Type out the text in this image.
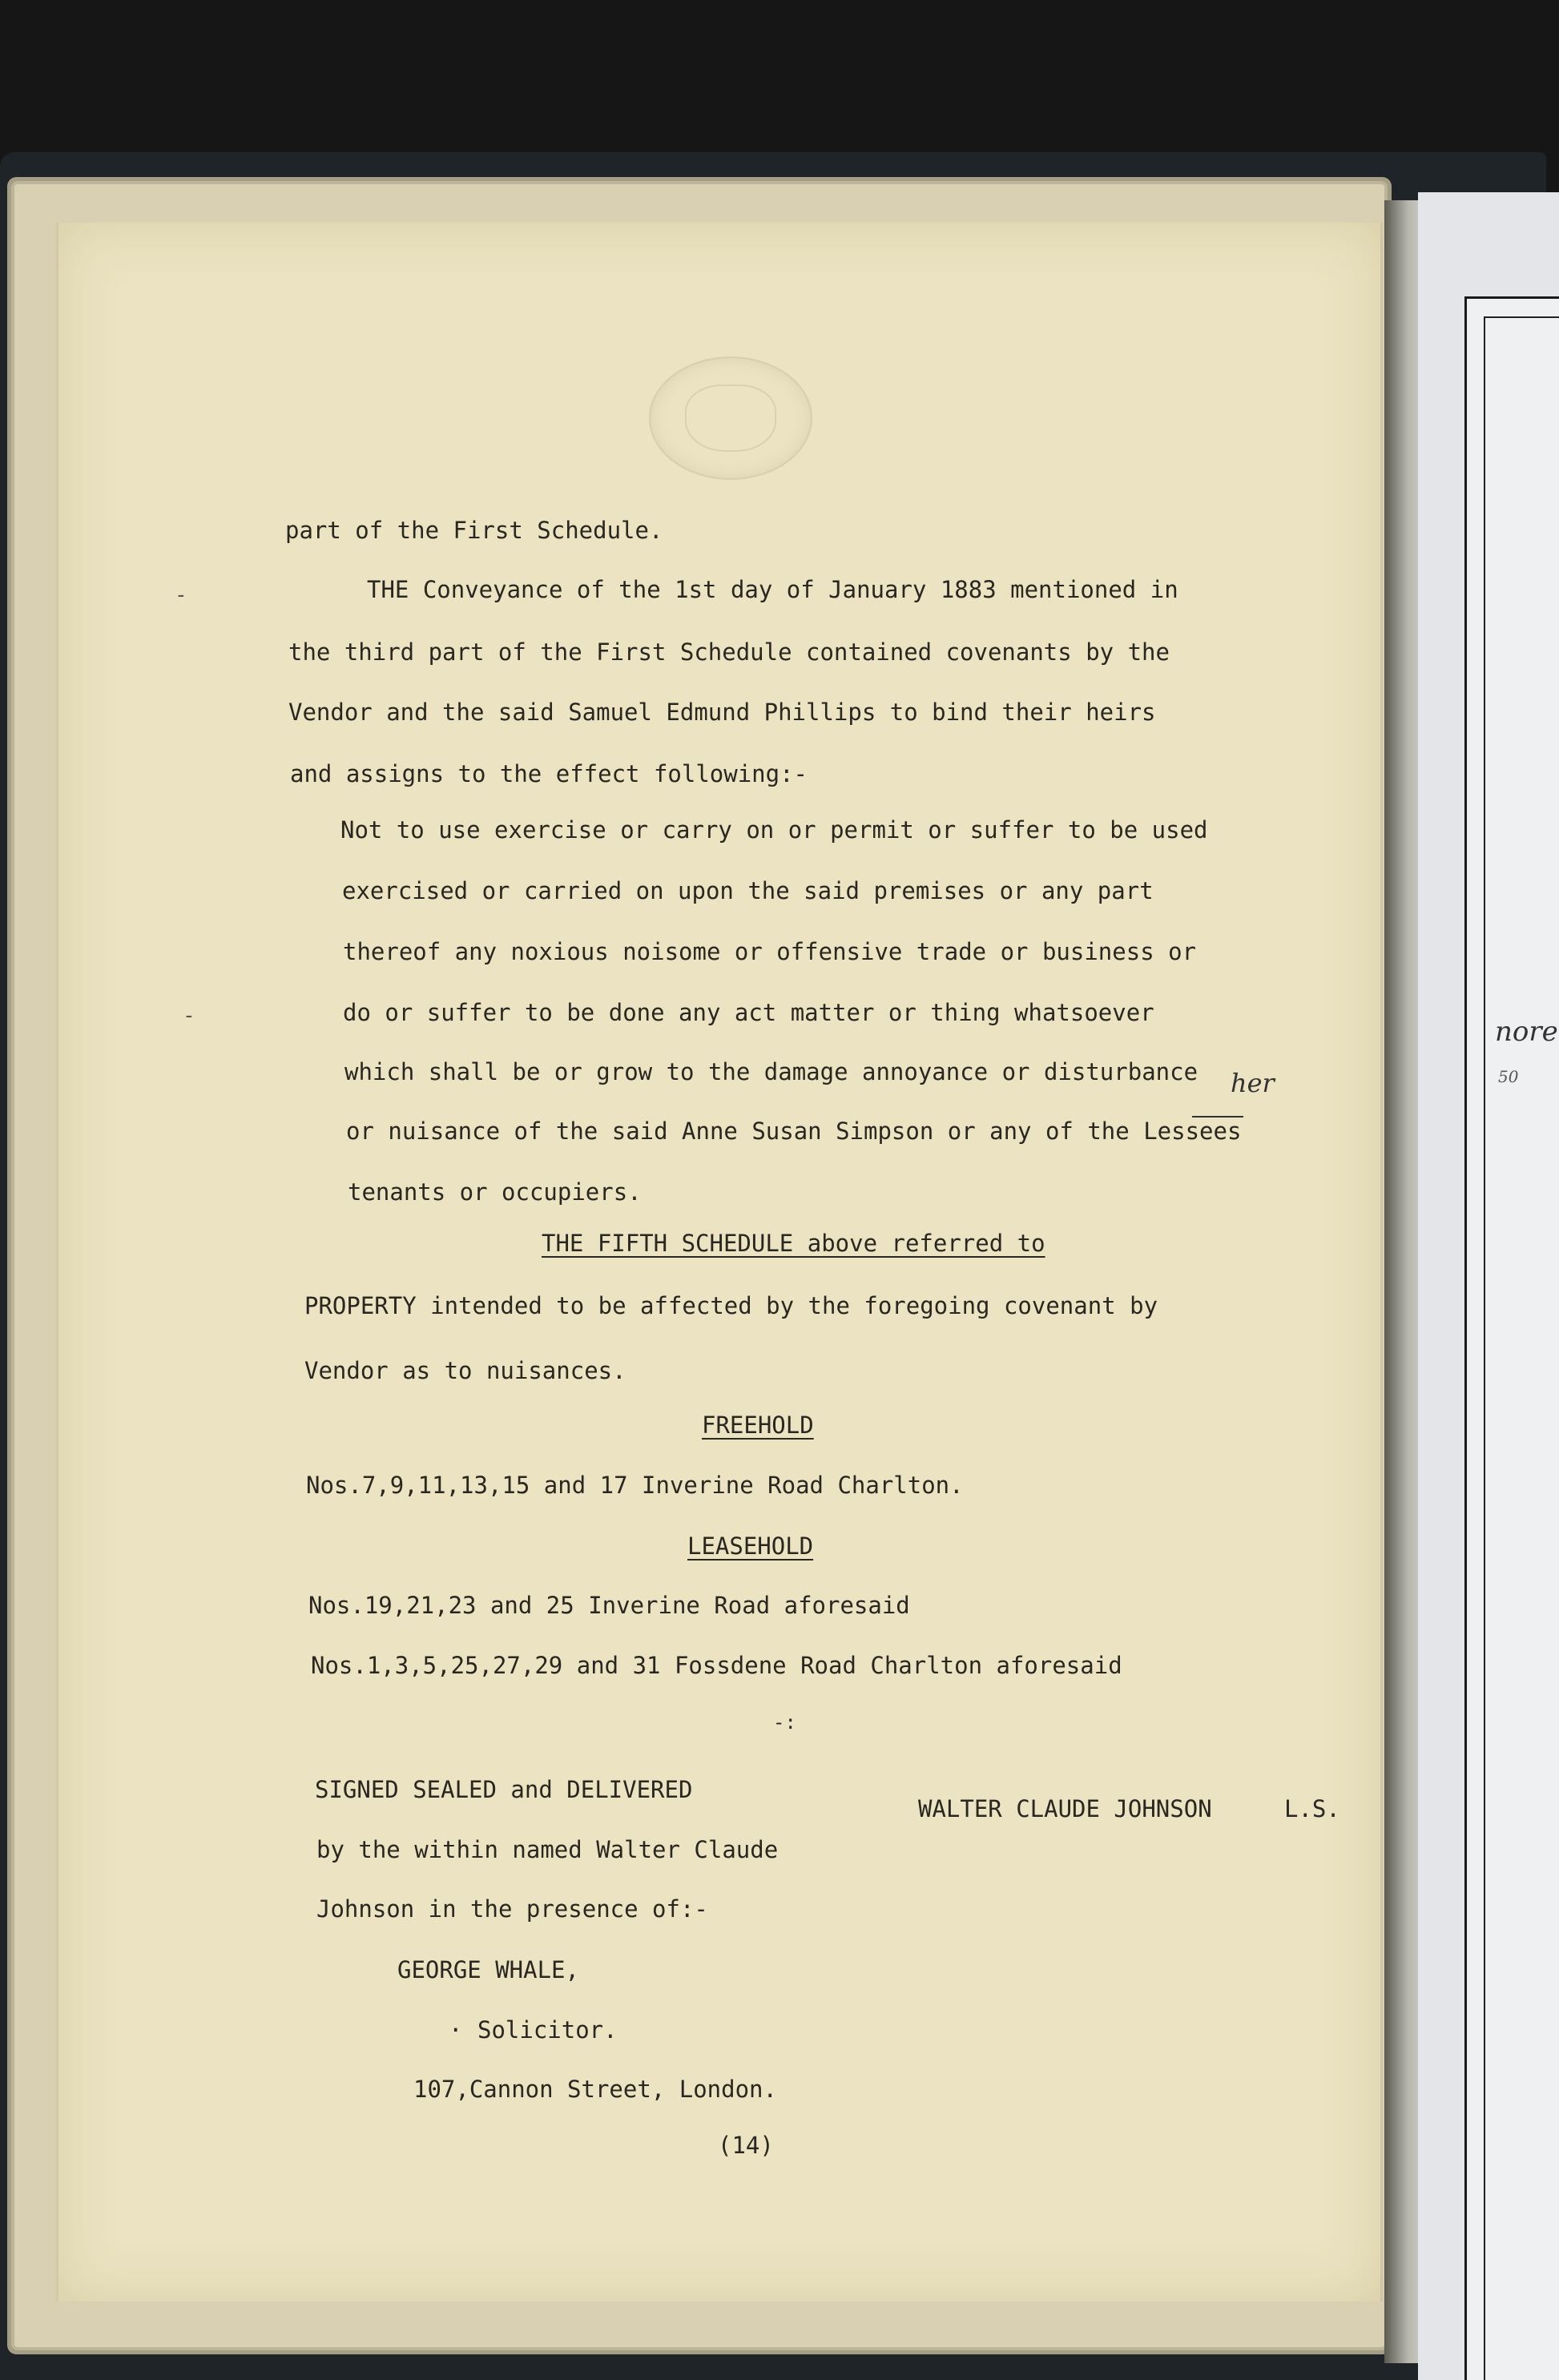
nore
50
-
-
part of the First Schedule.
THE Conveyance of the 1st day of January 1883 mentioned in
the third part of the First Schedule contained covenants by the
Vendor and the said Samuel Edmund Phillips to bind their heirs
and assigns to the effect following:-
Not to use exercise or carry on or permit or suffer to be used
exercised or carried on upon the said premises or any part
thereof any noxious noisome or offensive trade or business or
do or suffer to be done any act matter or thing whatsoever
which shall be or grow to the damage annoyance or disturbance
or nuisance of the said Anne Susan Simpson or any of the Lessees
her
tenants or occupiers.
THE FIFTH SCHEDULE above referred to
PROPERTY intended to be affected by the foregoing covenant by
Vendor as to nuisances.
FREEHOLD
Nos.7,9,11,13,15 and 17 Inverine Road Charlton.
LEASEHOLD
Nos.19,21,23 and 25 Inverine Road aforesaid
Nos.1,3,5,25,27,29 and 31 Fossdene Road Charlton aforesaid
-:
SIGNED SEALED and DELIVERED
by the within named Walter Claude
Johnson in the presence of:-
WALTER CLAUDE JOHNSON	L.S.
GEORGE WHALE,
· Solicitor.
107,Cannon Street, London.
(14)
